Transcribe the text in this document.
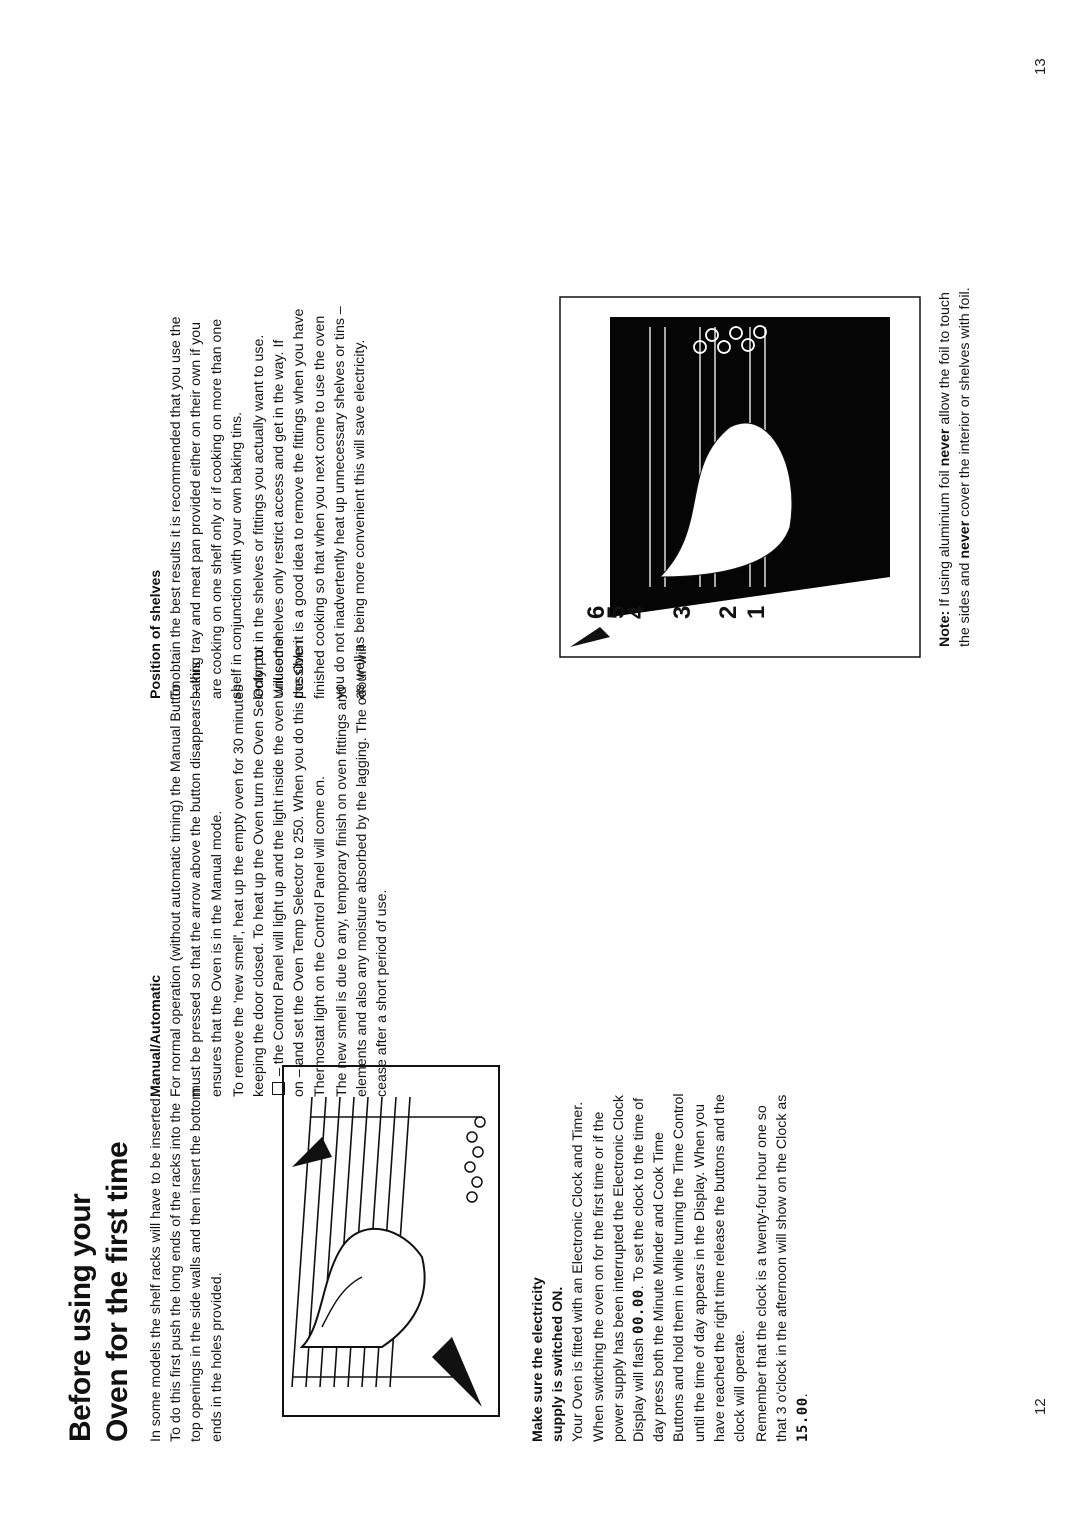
12
13
Before using your Oven for the first time In some models the shelf racks will have to be inserted. To do this first push the long ends of the racks into the top openings in the side walls and then insert the bottom ends in the holes provided.	Make sure the electricity supply is switched ON. Your Oven is fitted with an Electronic Clock and Timer. When switching the oven on for the first time or if the power supply has been interrupted the Electronic Clock Display will flash 00.00. To set the clock to the time of day press both the Minute Minder and Cook Time Buttons and hold them in while turning the Time Control until the time of day appears in the Display. When you have reached the right time release the buttons and the clock will operate. Remember that the clock is a twenty-four hour one so that 3 o'clock in the afternoon will show on the Clock as 15.00.

Manual/Automatic For normal operation (without automatic timing) the Manual Button must be pressed so that the arrow above the button disappears – this ensures that the Oven is in the Manual mode. To remove the 'new smell', heat up the empty oven for 30 minutes keeping the door closed. To heat up the Oven turn the Oven Selector to – the Control Panel will light up and the light inside the oven will come on – and set the Oven Temp Selector to 250. When you do this the Oven Thermostat light on the Control Panel will come on. The new smell is due to any, temporary finish on oven fittings and elements and also any moisture absorbed by the lagging. The odour will cease after a short period of use.

Position of shelves To obtain the best results it is recommended that you use the baking tray and meat pan provided either on their own if you are cooking on one shelf only or if cooking on more than one shelf in conjunction with your own baking tins. Only put in the shelves or fittings you actually want to use. Unused shelves only restrict access and get in the way. If possible it is a good idea to remove the fittings when you have finished cooking so that when you next come to use the oven you do not inadvertently heat up unnecessary shelves or tins – as well as being more convenient this will save electricity.	6
5
4 3 2 1	Note: If using aluminium foil never allow the foil to touch the sides and never cover the interior or shelves with foil.
